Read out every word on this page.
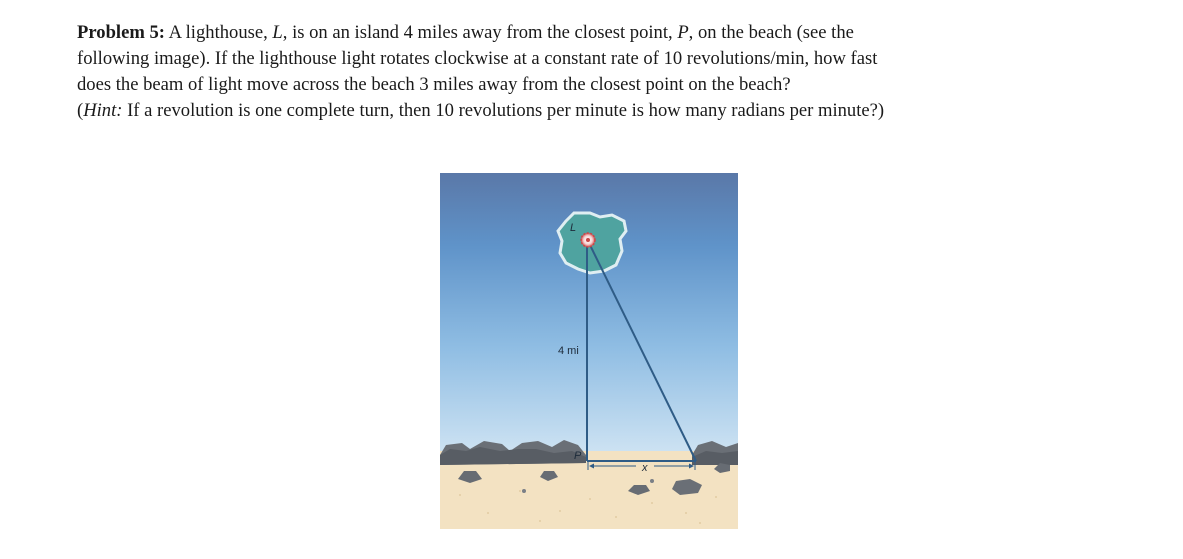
Problem 5: A lighthouse, L, is on an island 4 miles away from the closest point, P, on the beach (see the
following image). If the lighthouse light rotates clockwise at a constant rate of 10 revolutions/min, how fast
does the beam of light move across the beach 3 miles away from the closest point on the beach?
(Hint: If a revolution is one complete turn, then 10 revolutions per minute is how many radians per minute?)
L
4 mi
P
x
